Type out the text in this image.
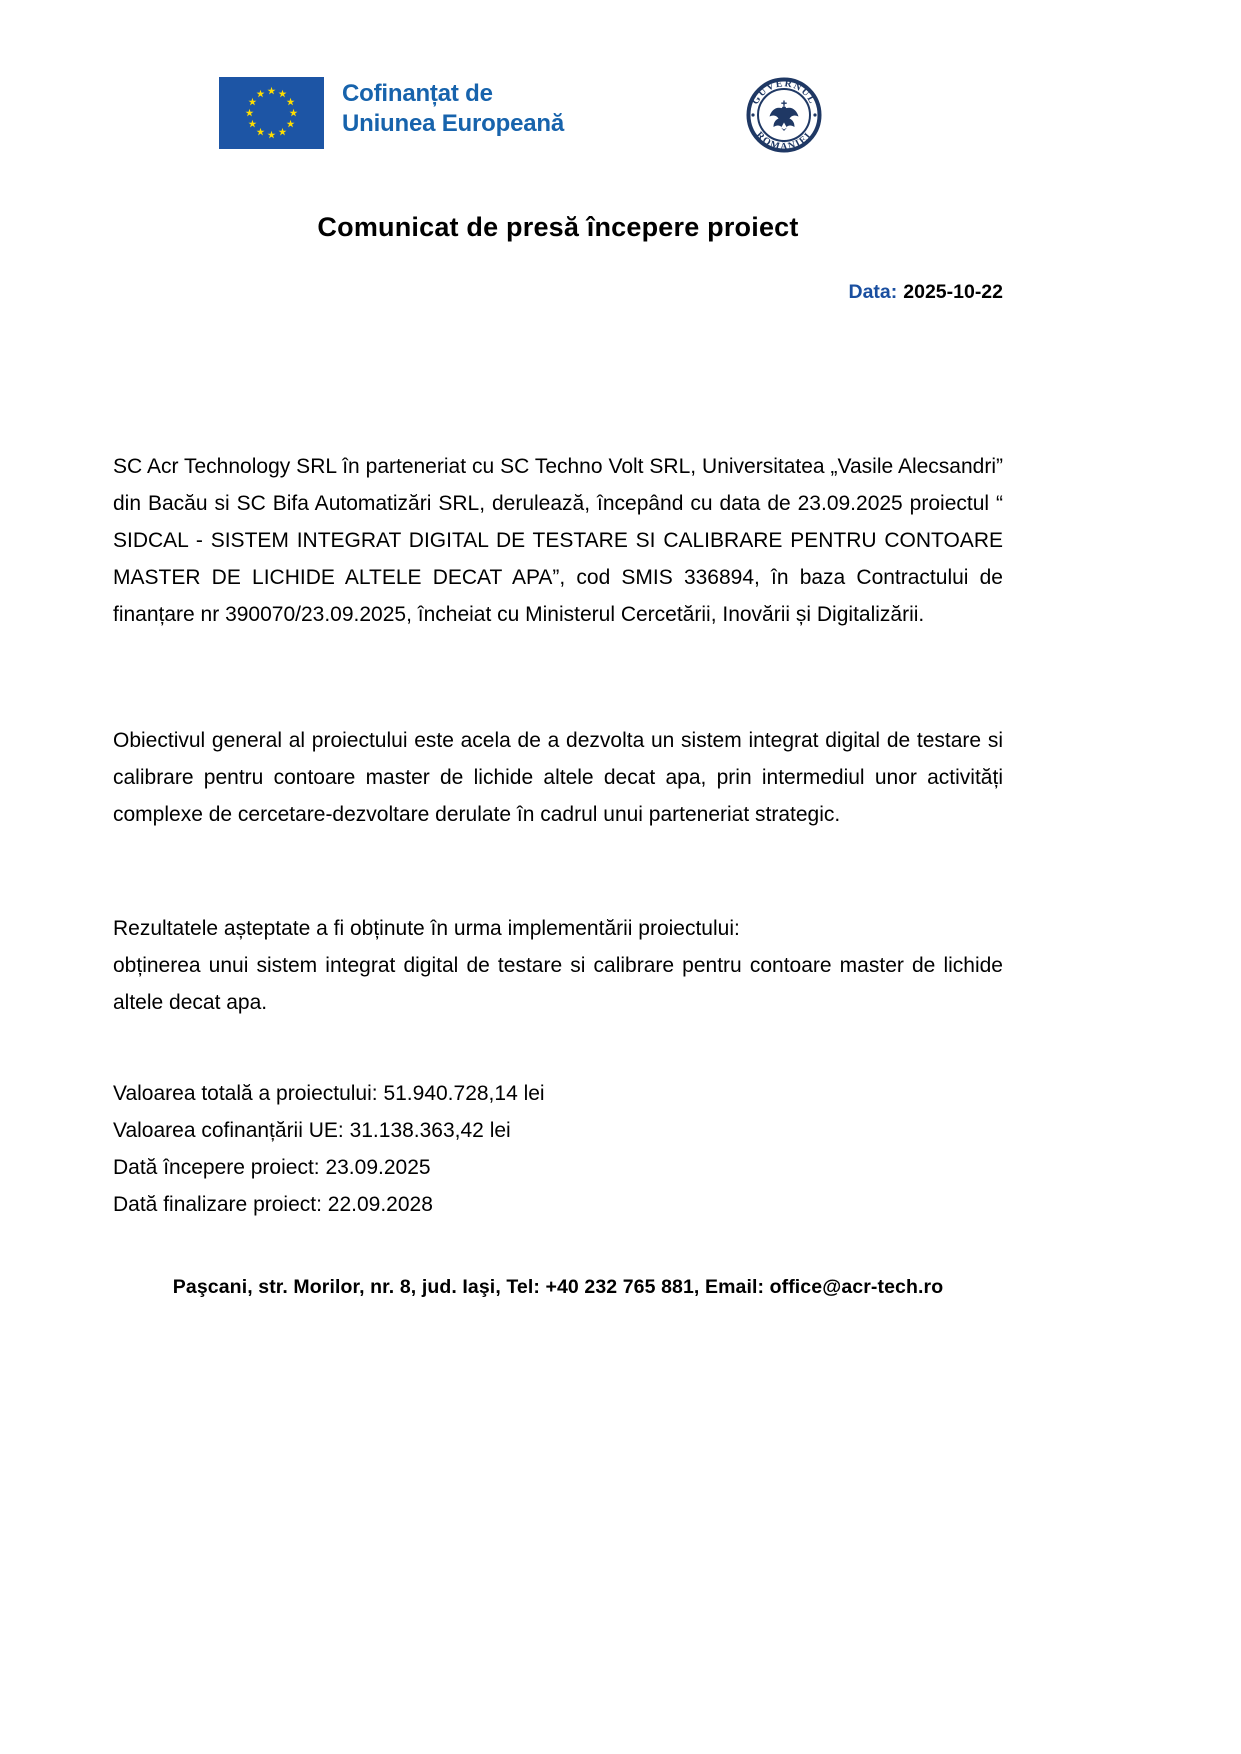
Cofinanțat de
Uniunea Europeană
GUVERNUL
ROMÂNIEI
Comunicat de presă începere proiect
Data: 2025-10-22

SC Acr Technology SRL în parteneriat cu SC Techno Volt SRL, Universitatea „Vasile Alecsandri” din Bacău si SC Bifa Automatizări SRL, derulează, începând cu data de 23.09.2025 proiectul “ SIDCAL - SISTEM INTEGRAT DIGITAL DE TESTARE SI CALIBRARE PENTRU CONTOARE MASTER DE LICHIDE ALTELE DECAT APA”, cod SMIS 336894, în baza Contractului de finanțare nr 390070/23.09.2025, încheiat cu Ministerul Cercetării, Inovării și Digitalizării.

Obiectivul general al proiectului este acela de a dezvolta un sistem integrat digital de testare si calibrare pentru contoare master de lichide altele decat apa, prin intermediul unor activități complexe de cercetare-dezvoltare derulate în cadrul unui parteneriat strategic.

Rezultatele așteptate a fi obținute în urma implementării proiectului:
obținerea unui sistem integrat digital de testare si calibrare pentru contoare master de lichide altele decat apa.
Valoarea totală a proiectului: 51.940.728,14 lei
Valoarea cofinanțării UE: 31.138.363,42 lei
Dată începere proiect: 23.09.2025
Dată finalizare proiect: 22.09.2028
Paşcani, str. Morilor, nr. 8, jud. Iaşi, Tel: +40 232 765 881, Email: office@acr-tech.ro
